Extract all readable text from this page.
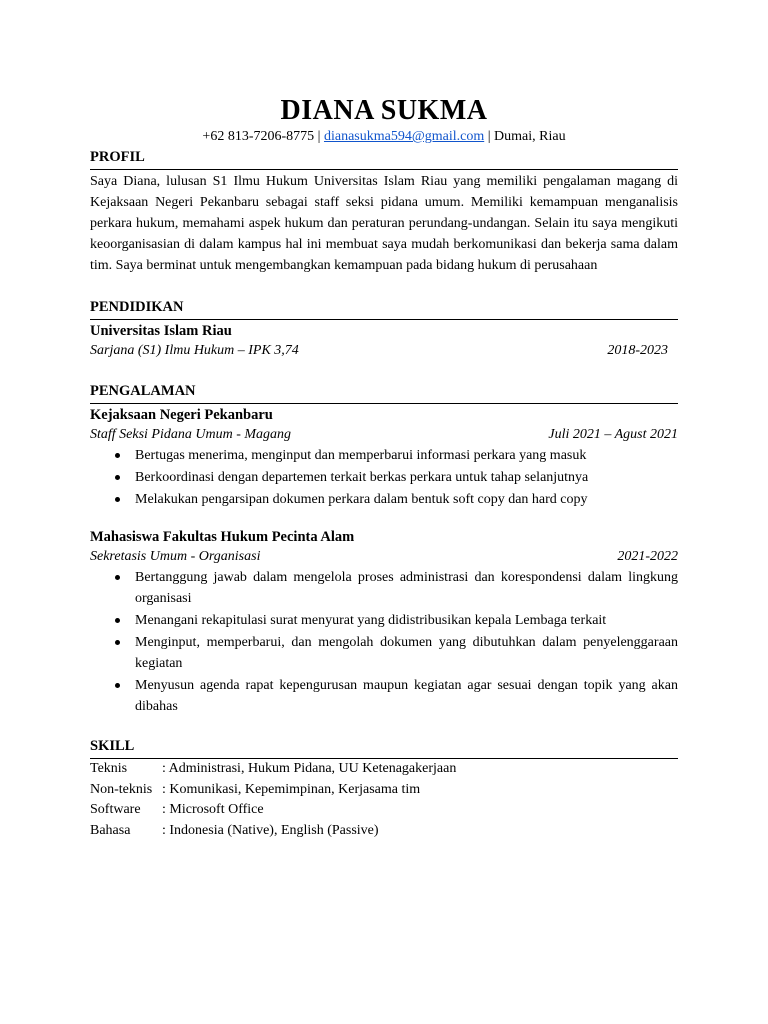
DIANA SUKMA
+62 813-7206-8775 | dianasukma594@gmail.com | Dumai, Riau
PROFIL
Saya Diana, lulusan S1 Ilmu Hukum Universitas Islam Riau yang memiliki pengalaman magang di Kejaksaan Negeri Pekanbaru sebagai staff seksi pidana umum. Memiliki kemampuan menganalisis perkara hukum, memahami aspek hukum dan peraturan perundang-undangan. Selain itu saya mengikuti keoorganisasian di dalam kampus hal ini membuat saya mudah berkomunikasi dan bekerja sama dalam tim. Saya berminat untuk mengembangkan kemampuan pada bidang hukum di perusahaan
PENDIDIKAN
Universitas Islam Riau
Sarjana (S1) Ilmu Hukum – IPK 3,74	2018-2023
PENGALAMAN
Kejaksaan Negeri Pekanbaru
Staff Seksi Pidana Umum - Magang	Juli 2021 – Agust 2021
Bertugas menerima, menginput dan memperbarui informasi perkara yang masuk
Berkoordinasi dengan departemen terkait berkas perkara untuk tahap selanjutnya
Melakukan pengarsipan dokumen perkara dalam bentuk soft copy dan hard copy
Mahasiswa Fakultas Hukum Pecinta Alam
Sekretasis Umum - Organisasi	2021-2022
Bertanggung jawab dalam mengelola proses administrasi dan korespondensi dalam lingkung organisasi
Menangani rekapitulasi surat menyurat yang didistribusikan kepala Lembaga terkait
Menginput, memperbarui, dan mengolah dokumen yang dibutuhkan dalam penyelenggaraan kegiatan
Menyusun agenda rapat kepengurusan maupun kegiatan agar sesuai dengan topik yang akan dibahas
SKILL
Teknis	: Administrasi, Hukum Pidana, UU Ketenagakerjaan
Non-teknis	: Komunikasi, Kepemimpinan, Kerjasama tim
Software	: Microsoft Office
Bahasa	: Indonesia (Native), English (Passive)
